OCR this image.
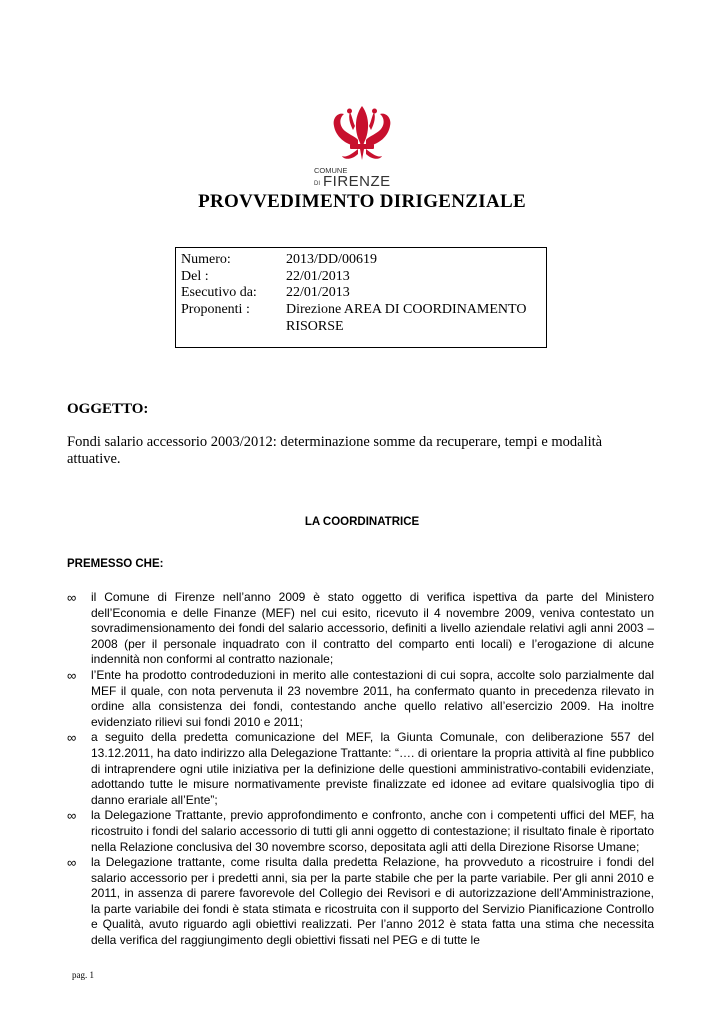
COMUNE
DI FIRENZE
PROVVEDIMENTO DIRIGENZIALE
Numero:	2013/DD/00619
Del :	22/01/2013
Esecutivo da: 22/01/2013
Proponenti :	Direzione AREA DI COORDINAMENTO RISORSE
OGGETTO:
Fondi salario accessorio 2003/2012: determinazione somme da recuperare, tempi e modalità attuative.
LA COORDINATRICE
PREMESSO CHE:
∞ il Comune di Firenze nell’anno 2009 è stato oggetto di verifica ispettiva da parte del Ministero dell’Economia e delle Finanze (MEF) nel cui esito, ricevuto il 4 novembre 2009, veniva contestato un sovradimensionamento dei fondi del salario accessorio, definiti a livello aziendale relativi agli anni 2003 – 2008 (per il personale inquadrato con il contratto del comparto enti locali) e l’erogazione di alcune indennità non conformi al contratto nazionale;
∞ l’Ente ha prodotto controdeduzioni in merito alle contestazioni di cui sopra, accolte solo parzialmente dal MEF il quale, con nota pervenuta il 23 novembre 2011, ha confermato quanto in precedenza rilevato in ordine alla consistenza dei fondi, contestando anche quello relativo all’esercizio 2009. Ha inoltre evidenziato rilievi sui fondi 2010 e 2011;
∞ a seguito della predetta comunicazione del MEF, la Giunta Comunale, con deliberazione 557 del 13.12.2011, ha dato indirizzo alla Delegazione Trattante: “…. di orientare la propria attività al fine pubblico di intraprendere ogni utile iniziativa per la definizione delle questioni amministrativo-contabili evidenziate, adottando tutte le misure normativamente previste finalizzate ed idonee ad evitare qualsivoglia tipo di danno erariale all’Ente”;
∞ la Delegazione Trattante, previo approfondimento e confronto, anche con i competenti uffici del MEF, ha ricostruito i fondi del salario accessorio di tutti gli anni oggetto di contestazione; il risultato finale è riportato nella Relazione conclusiva del 30 novembre scorso, depositata agli atti della Direzione Risorse Umane;
∞ la Delegazione trattante, come risulta dalla predetta Relazione, ha provveduto a ricostruire i fondi del salario accessorio per i predetti anni, sia per la parte stabile che per la parte variabile. Per gli anni 2010 e 2011, in assenza di parere favorevole del Collegio dei Revisori e di autorizzazione dell’Amministrazione, la parte variabile dei fondi è stata stimata e ricostruita con il supporto del Servizio Pianificazione Controllo e Qualità, avuto riguardo agli obiettivi realizzati. Per l’anno 2012 è stata fatta una stima che necessita della verifica del raggiungimento degli obiettivi fissati nel PEG e di tutte le
pag. 1
